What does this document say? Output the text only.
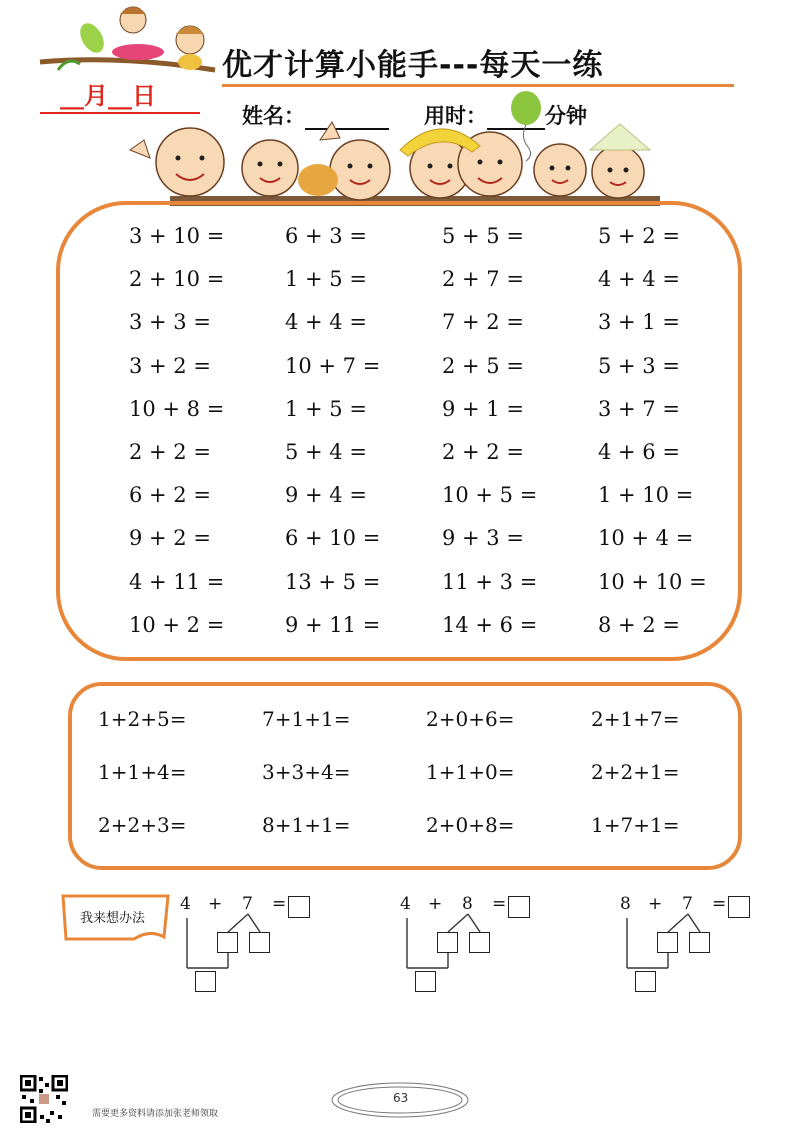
优才计算小能手---每天一练
__月__日
姓名：	用时：	分钟
3 + 10 =	6 + 3 =	5 + 5 =	5 + 2 =
2 + 10 =	1 + 5 =	2 + 7 =	4 + 4 =
3 + 3 =	4 + 4 =	7 + 2 =	3 + 1 =
3 + 2 =	10 + 7 =	2 + 5 =	5 + 3 =
10 + 8 =	1 + 5 =	9 + 1 =	3 + 7 =
2 + 2 =	5 + 4 =	2 + 2 =	4 + 6 =
6 + 2 =	9 + 4 =	10 + 5 =	1 + 10 =
9 + 2 =	6 + 10 =	9 + 3 =	10 + 4 =
4 + 11 =	13 + 5 =	11 + 3 =	10 + 10 =
10 + 2 =	9 + 11 =	14 + 6 =	8 + 2 =
1+2+5=	7+1+1=	2+0+6=	2+1+7=
1+1+4=	3+3+4=	1+1+0=	2+2+1=
2+2+3=	8+1+1=	2+0+8=	1+7+1=
我来想办法
4 + 7 =	4 + 8 =	8 + 7 =
需要更多资料请添加张老师领取
63
